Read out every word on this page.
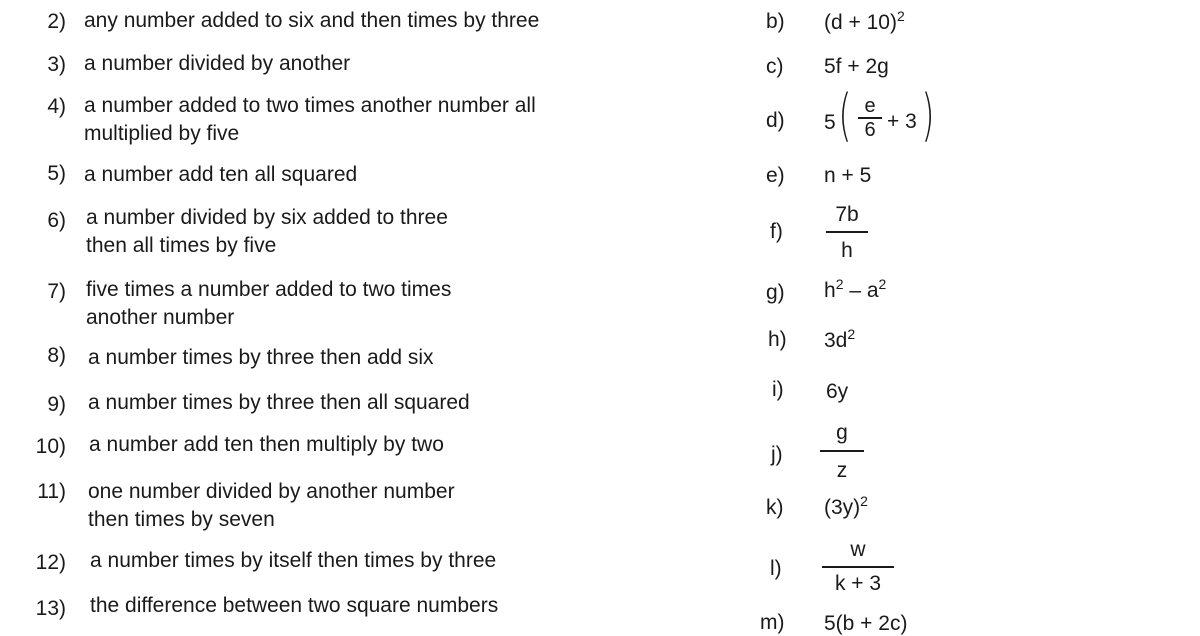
2) any number added to six and then times by three
3) a number divided by another
4) a number added to two times another number all
multiplied by five
5) a number add ten all squared
6) a number divided by six added to three
then all times by five
7) five times a number added to two times
another number
8) a number times by three then add six
9) a number times by three then all squared
10) a number add ten then multiply by two
11) one number divided by another number
then times by seven
12) a number times by itself then times by three
13) the difference between two square numbers
b) $(d + 10)^2$
c) 5f + 2g
d) 5 ( e
6 + 3 )
e) n + 5
f)
7b
h
g) $h^2 - a^2$
h) $3d^2$
i) 6y
j)
g
z
k) $(3y)^2$
l)
w
k + 3
m) 5(b + 2c)
